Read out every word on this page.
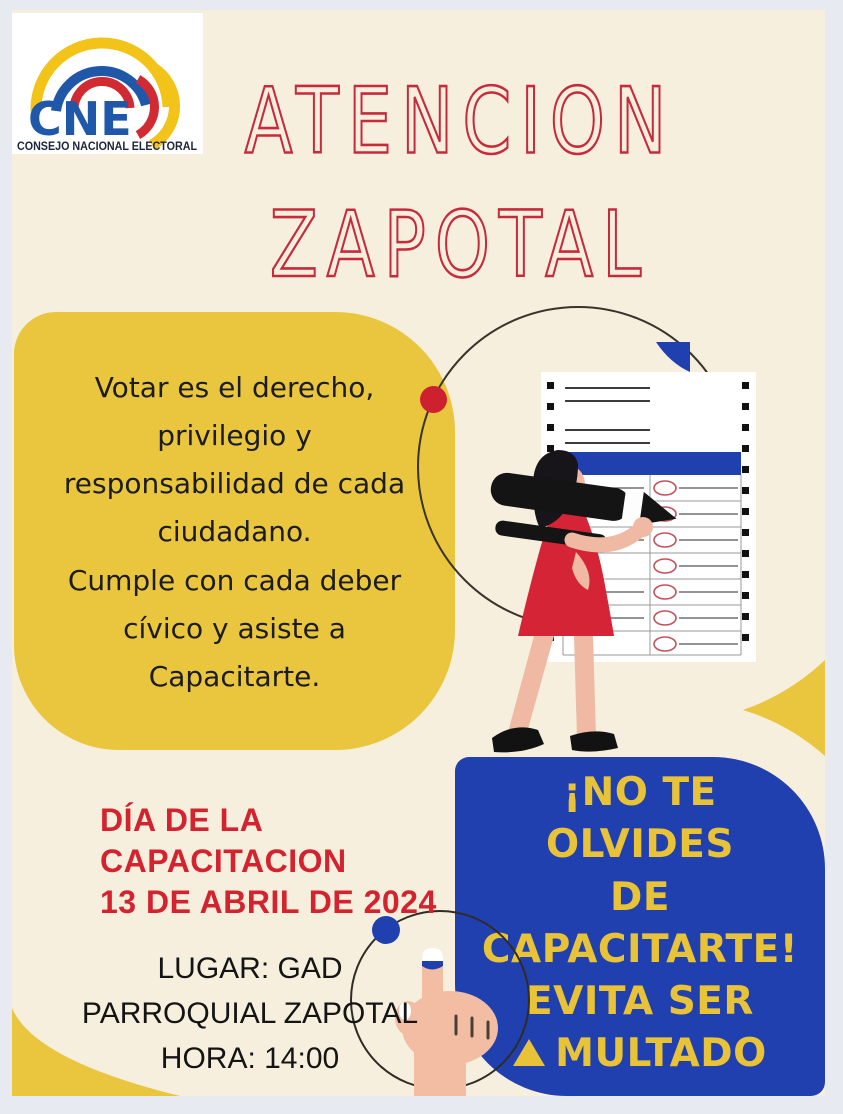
CNE
CONSEJO NACIONAL ELECTORAL ATENCION
ZAPOTAL
Votar es el derecho,
privilegio y
responsabilidad de cada
ciudadano.
Cumple con cada deber
cívico y asiste a
Capacitarte.
¡NO TE
OLVIDES
DE
CAPACITARTE!
EVITA SER
MULTADO
DÍA DE LA
CAPACITACION
13 DE ABRIL DE 2024
LUGAR: GAD
PARROQUIAL ZAPOTAL
HORA: 14:00
